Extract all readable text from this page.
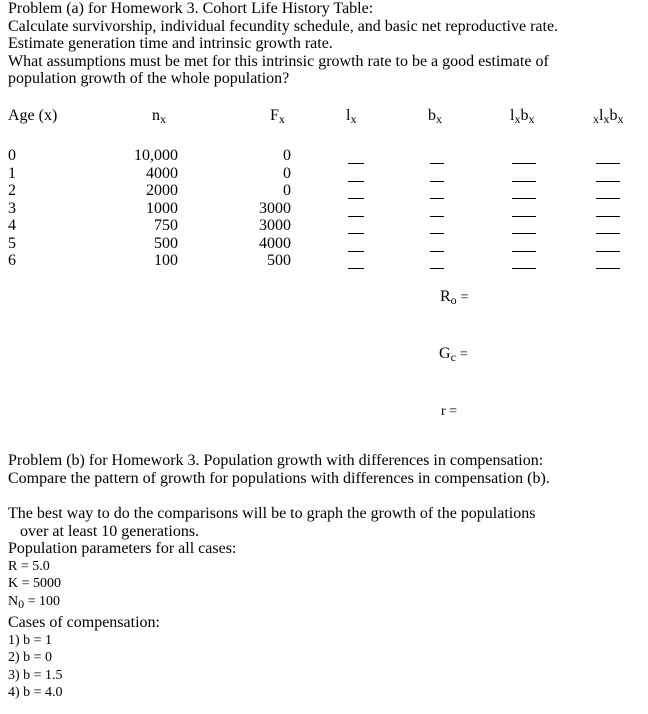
Problem (a) for Homework 3. Cohort Life History Table:
Calculate survivorship, individual fecundity schedule, and basic net reproductive rate.
Estimate generation time and intrinsic growth rate.
What assumptions must be met for this intrinsic growth rate to be a good estimate of
population growth of the whole population?
Age (x)	$n_x$	$F_x$	$l_x$	$b_x$	$l_xb_x$	$_xl_xb_x$
0	10,000	0
1	4000	0
2	2000	0
3	1000	3000
4	750	3000
5	500	4000
6	100	500
$R_o$ =
$G_c$ =
r =
Problem (b) for Homework 3. Population growth with differences in compensation:
Compare the pattern of growth for populations with differences in compensation (b).
The best way to do the comparisons will be to graph the growth of the populations
over at least 10 generations.
Population parameters for all cases:
R = 5.0
K = 5000
$N_0 = 100$
Cases of compensation:
1) b = 1
2) b = 0
3) b = 1.5
4) b = 4.0
